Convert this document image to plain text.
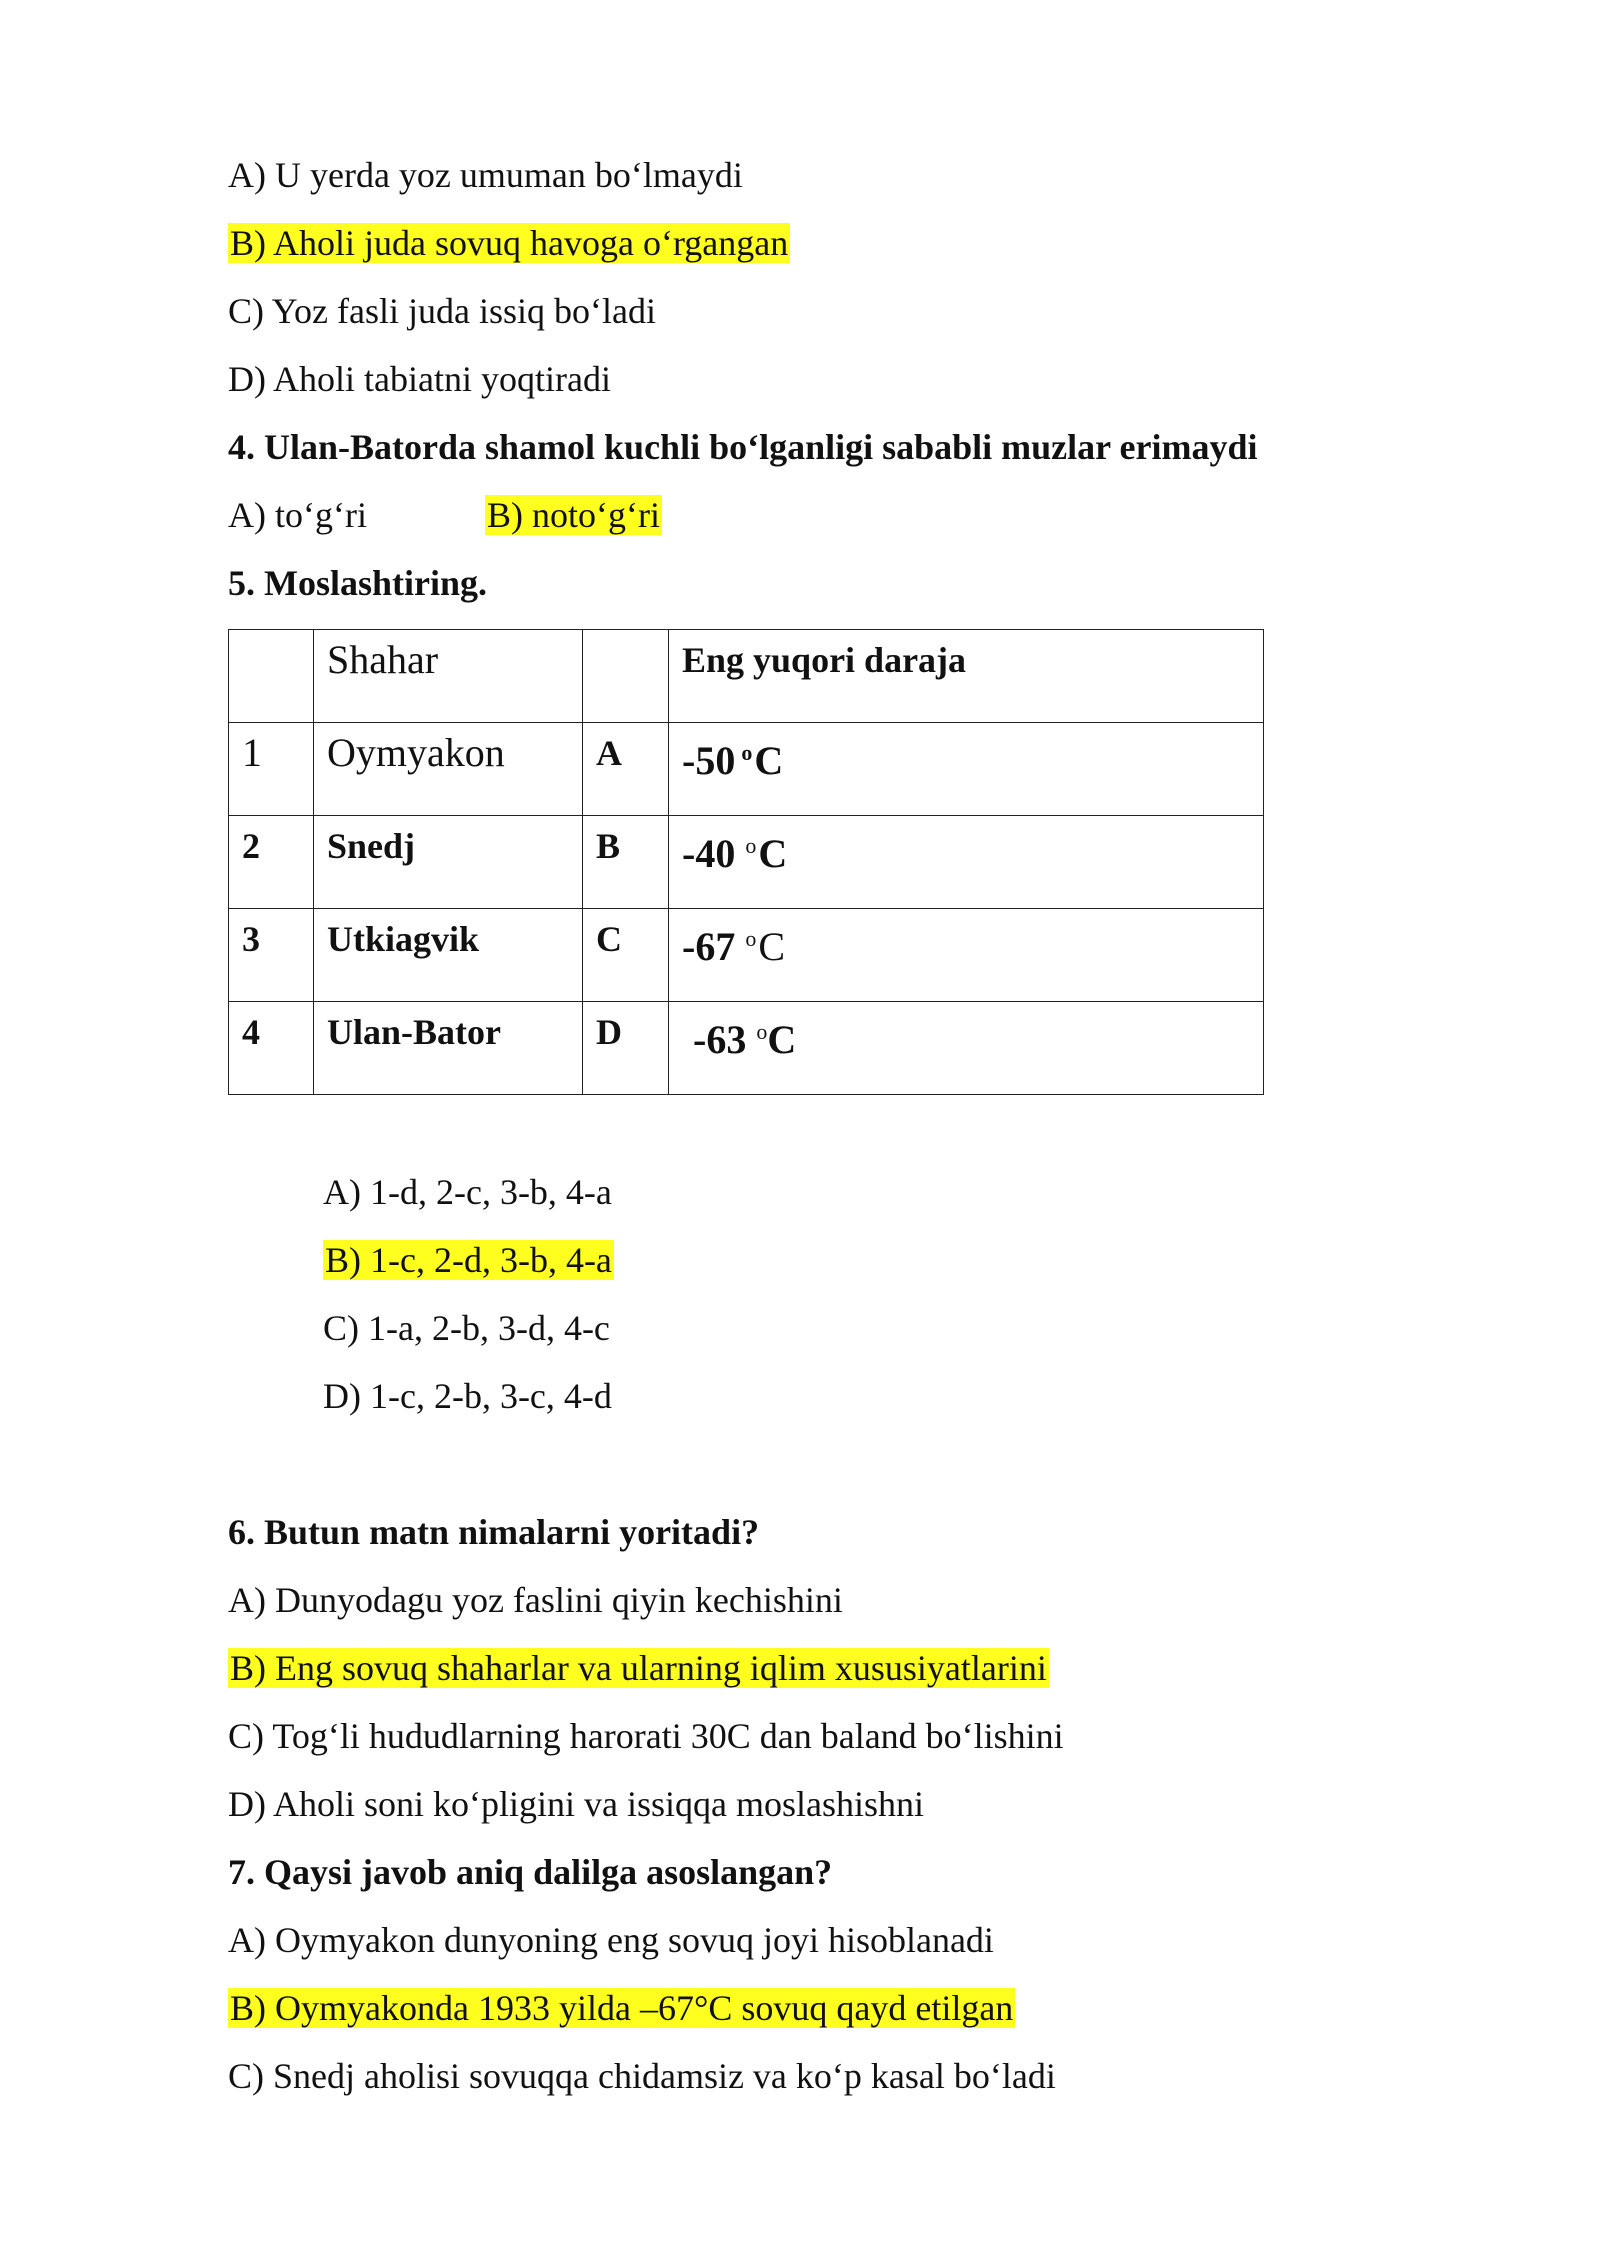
A) U yerda yoz umuman bo‘lmaydi
B) Aholi juda sovuq havoga o‘rgangan
C) Yoz fasli juda issiq bo‘ladi
D) Aholi tabiatni yoqtiradi
4. Ulan-Batorda shamol kuchli bo‘lganligi sababli muzlar erimaydi
A) to‘g‘ri	B) noto‘g‘ri
5. Moslashtiring.
	Shahar		Eng yuqori daraja
1	Oymyakon	A	-50 oC
2	Snedj	B	-40 oC
3	Utkiagvik	C	-67 oC
4	Ulan-Bator	D	-63 oC
A) 1-d, 2-c, 3-b, 4-a
B) 1-c, 2-d, 3-b, 4-a
C) 1-a, 2-b, 3-d, 4-c
D) 1-c, 2-b, 3-c, 4-d
6. Butun matn nimalarni yoritadi?
A) Dunyodagu yoz faslini qiyin kechishini
B) Eng sovuq shaharlar va ularning iqlim xususiyatlarini
C) Tog‘li hududlarning harorati 30C dan baland bo‘lishini
D) Aholi soni ko‘pligini va issiqqa moslashishni
7. Qaysi javob aniq dalilga asoslangan?
A) Oymyakon dunyoning eng sovuq joyi hisoblanadi
B) Oymyakonda 1933 yilda –67°C sovuq qayd etilgan
C) Snedj aholisi sovuqqa chidamsiz va ko‘p kasal bo‘ladi
